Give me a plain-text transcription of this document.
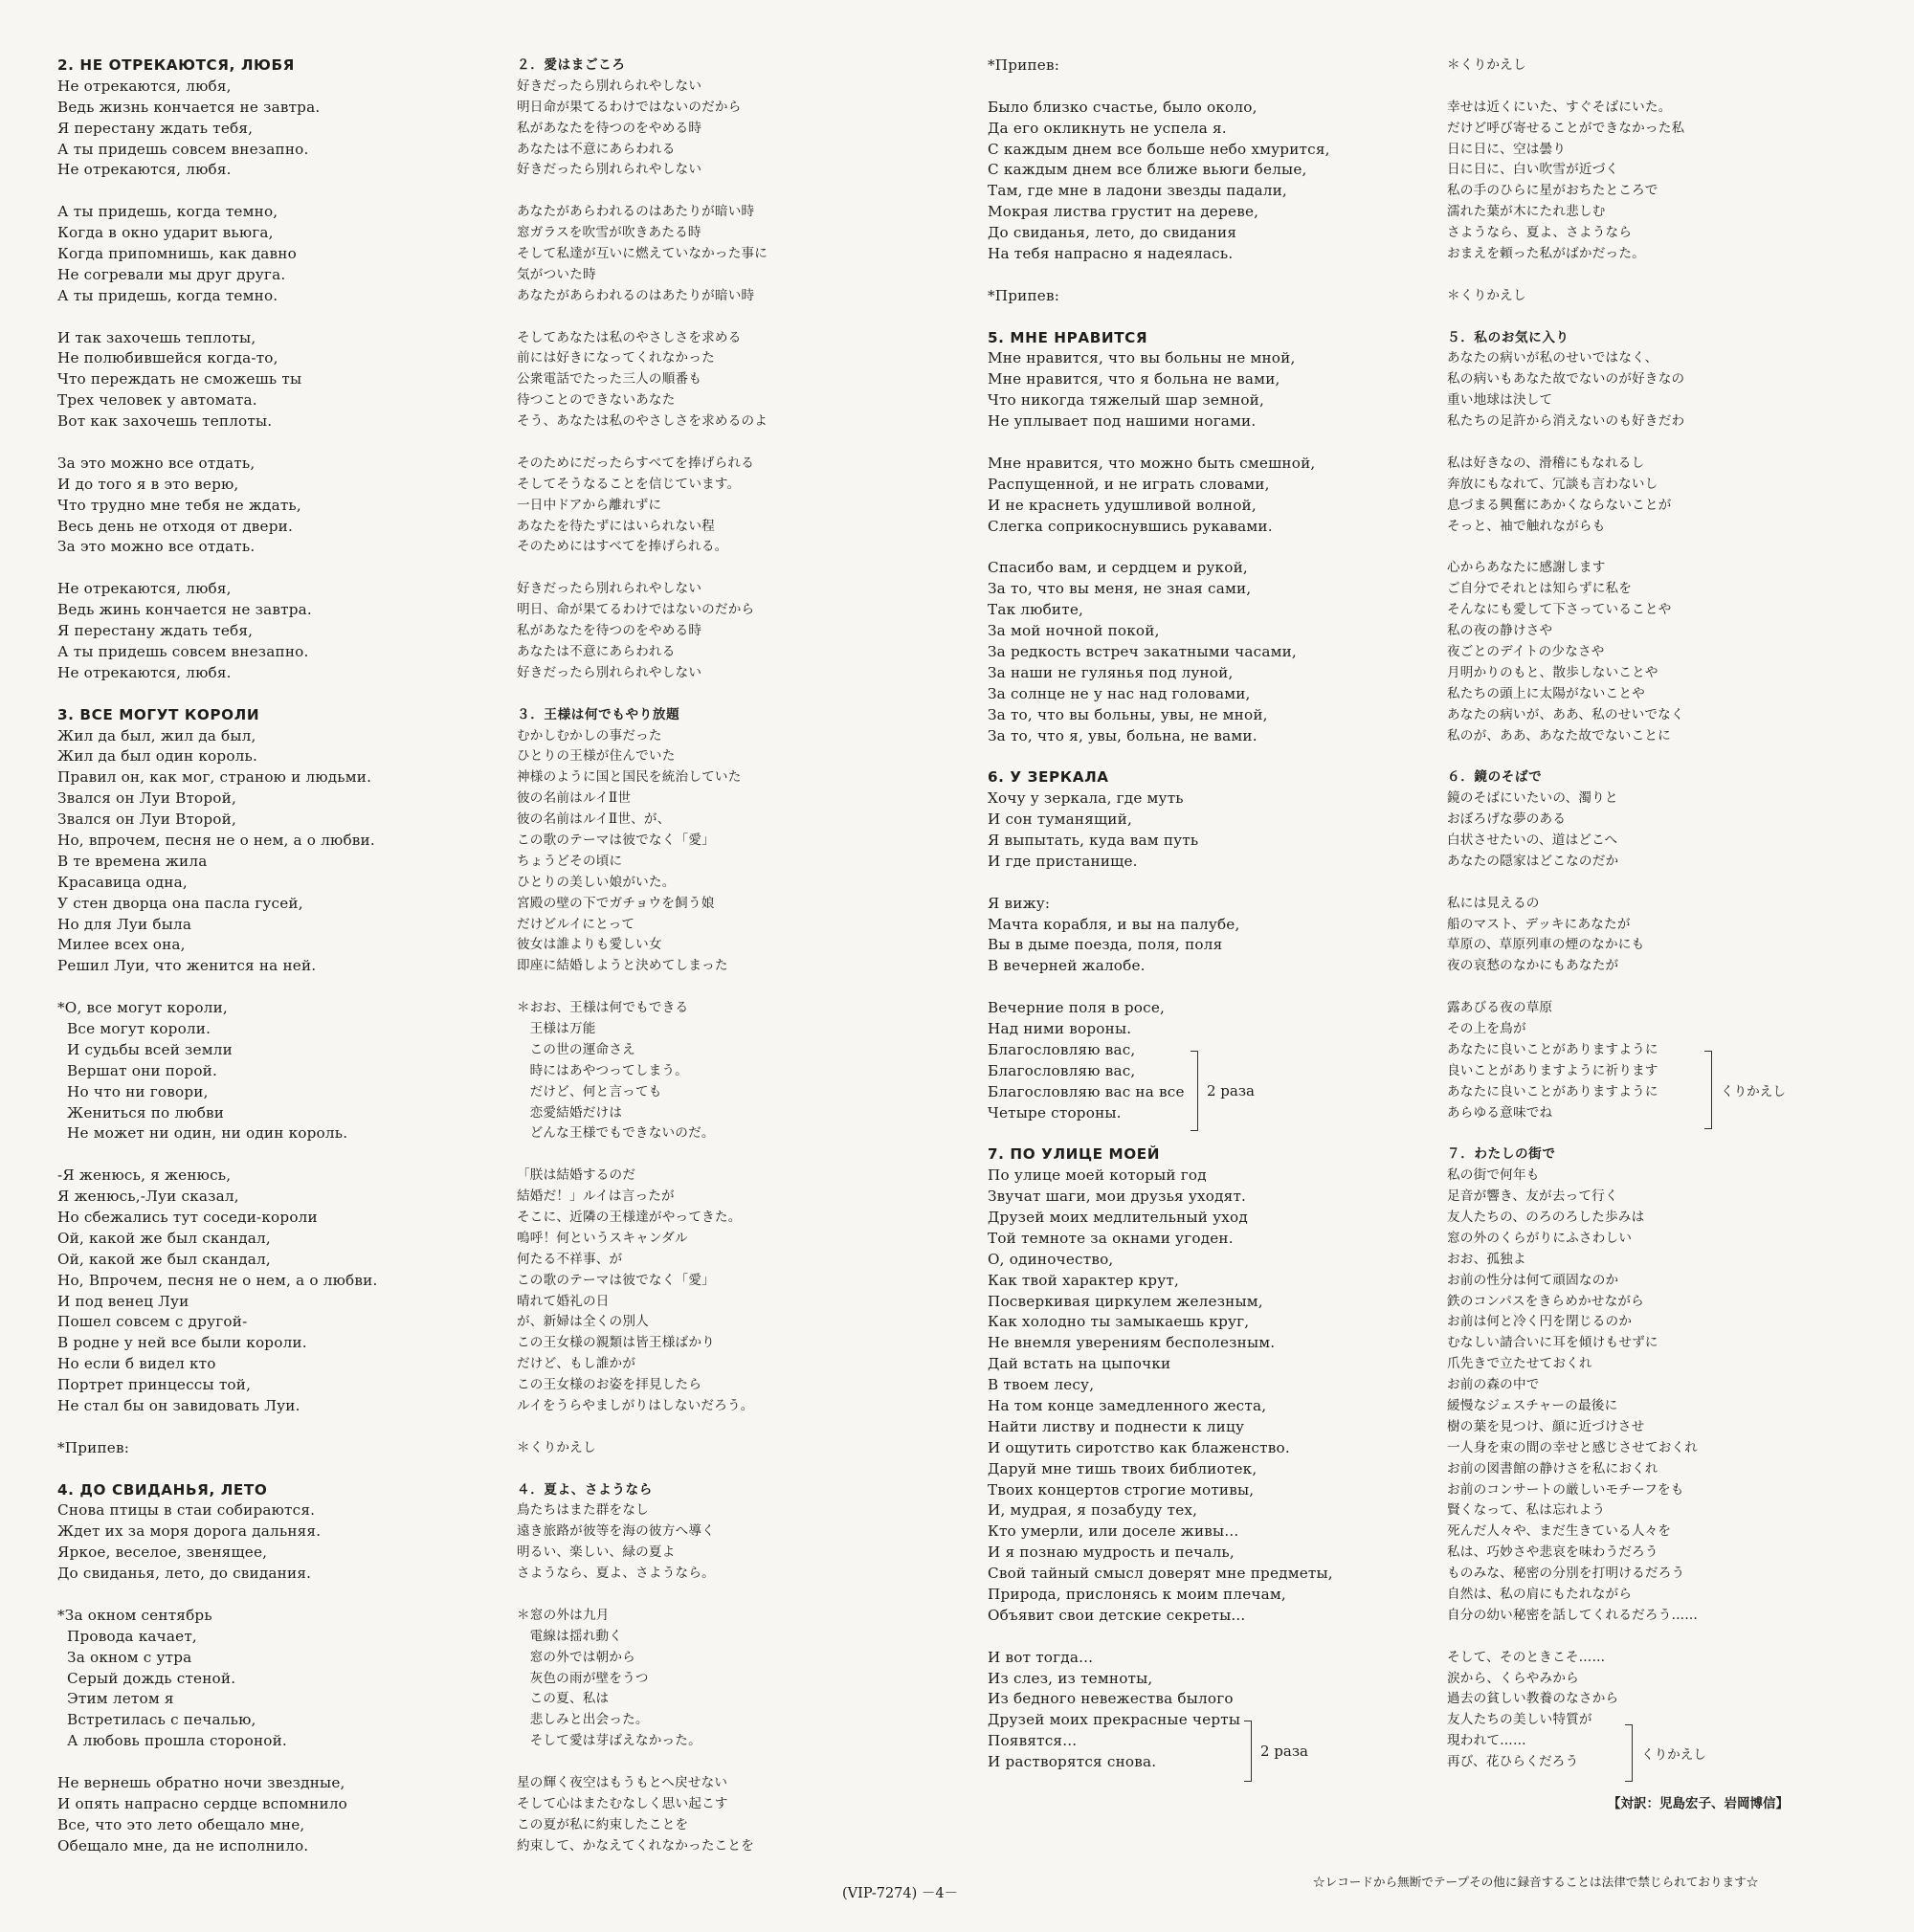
2. НЕ ОТРЕКАЮТСЯ, ЛЮБЯ
Не отрекаются, любя,
Ведь жизнь кончается не завтра.
Я перестану ждать тебя,
А ты придешь совсем внезапно.
Не отрекаются, любя.
А ты придешь, когда темно,
Когда в окно ударит вьюга,
Когда припомнишь, как давно
Не согревали мы друг друга.
А ты придешь, когда темно.
И так захочешь теплоты,
Не полюбившейся когда-то,
Что переждать не сможешь ты
Трех человек у автомата.
Вот как захочешь теплоты.
За это можно все отдать,
И до того я в это верю,
Что трудно мне тебя не ждать,
Весь день не отходя от двери.
За это можно все отдать.
Не отрекаются, любя,
Ведь жинь кончается не завтра.
Я перестану ждать тебя,
А ты придешь совсем внезапно.
Не отрекаются, любя.
3. ВСЕ МОГУТ КОРОЛИ
Жил да был, жил да был,
Жил да был один король.
Правил он, как мог, страною и людьми.
Звался он Луи Второй,
Звался он Луи Второй,
Но, впрочем, песня не о нем, а о любви.
В те времена жила
Красавица одна,
У стен дворца она пасла гусей,
Но для Луи была
Милее всех она,
Решил Луи, что женится на ней.
*О, все могут короли,
Все могут короли.
И судьбы всей земли
Вершат они порой.
Но что ни говори,
Жениться по любви
Не может ни один, ни один король.
-Я женюсь, я женюсь,
Я женюсь,-Луи сказал,
Но сбежались тут соседи-короли
Ой, какой же был скандал,
Ой, какой же был скандал,
Но, Впрочем, песня не о нем, а о любви.
И под венец Луи
Пошел совсем с другой-
В родне у ней все были короли.
Но если б видел кто
Портрет принцессы той,
Не стал бы он завидовать Луи.
*Припев:
4. ДО СВИДАНЬЯ, ЛЕТО
Снова птицы в стаи собираются.
Ждет их за моря дорога дальняя.
Яркое, веселое, звенящее,
До свиданья, лето, до свидания.
*За окном сентябрь
Провода качает,
За окном с утра
Серый дождь стеной.
Этим летом я
Встретилась с печалью,
А любовь прошла стороной.
Не вернешь обратно ночи звездные,
И опять напрасно сердце вспомнило
Все, что это лето обещало мне,
Обещало мне, да не исполнило.
２．愛はまごころ
好きだったら別れられやしない
明日命が果てるわけではないのだから
私があなたを待つのをやめる時
あなたは不意にあらわれる
好きだったら別れられやしない
あなたがあらわれるのはあたりが暗い時
窓ガラスを吹雪が吹きあたる時
そして私達が互いに燃えていなかった事に
気がついた時
あなたがあらわれるのはあたりが暗い時
そしてあなたは私のやさしさを求める
前には好きになってくれなかった
公衆電話でたった三人の順番も
待つことのできないあなた
そう、あなたは私のやさしさを求めるのよ
そのためにだったらすべてを捧げられる
そしてそうなることを信じています。
一日中ドアから離れずに
あなたを待たずにはいられない程
そのためにはすべてを捧げられる。
好きだったら別れられやしない
明日、命が果てるわけではないのだから
私があなたを待つのをやめる時
あなたは不意にあらわれる
好きだったら別れられやしない
３．王様は何でもやり放題
むかしむかしの事だった
ひとりの王様が住んでいた
神様のように国と国民を統治していた
彼の名前はルイⅡ世
彼の名前はルイⅡ世、が、
この歌のテーマは彼でなく「愛」
ちょうどその頃に
ひとりの美しい娘がいた。
宮殿の壁の下でガチョウを飼う娘
だけどルイにとって
彼女は誰よりも愛しい女
即座に結婚しようと決めてしまった
＊おお、王様は何でもできる
王様は万能
この世の運命さえ
時にはあやつってしまう。
だけど、何と言っても
恋愛結婚だけは
どんな王様でもできないのだ。
「朕は結婚するのだ
結婚だ！」ルイは言ったが
そこに、近隣の王様達がやってきた。
嗚呼！何というスキャンダル
何たる不祥事、が
この歌のテーマは彼でなく「愛」
晴れて婚礼の日
が、新婦は全くの別人
この王女様の親類は皆王様ばかり
だけど、もし誰かが
この王女様のお姿を拝見したら
ルイをうらやましがりはしないだろう。
＊くりかえし
４．夏よ、さようなら
鳥たちはまた群をなし
遠き旅路が彼等を海の彼方へ導く
明るい、楽しい、緑の夏よ
さようなら、夏よ、さようなら。
＊窓の外は九月
電線は揺れ動く
窓の外では朝から
灰色の雨が壁をうつ
この夏、私は
悲しみと出会った。
そして愛は芽ばえなかった。
星の輝く夜空はもうもとへ戻せない
そして心はまたむなしく思い起こす
この夏が私に約束したことを
約束して、かなえてくれなかったことを
*Припев:
Было близко счастье, было около,
Да его окликнуть не успела я.
С каждым днем все больше небо хмурится,
С каждым днем все ближе вьюги белые,
Там, где мне в ладони звезды падали,
Мокрая листва грустит на дереве,
До свиданья, лето, до свидания
На тебя напрасно я надеялась.
*Припев:
5. МНЕ НРАВИТСЯ
Мне нравится, что вы больны не мной,
Мне нравится, что я больна не вами,
Что никогда тяжелый шар земной,
Не уплывает под нашими ногами.
Мне нравится, что можно быть смешной,
Распущенной, и не играть словами,
И не краснеть удушливой волной,
Слегка соприкоснувшись рукавами.
Спасибо вам, и сердцем и рукой,
За то, что вы меня, не зная сами,
Так любите,
За мой ночной покой,
За редкость встреч закатными часами,
За наши не гулянья под луной,
За солнце не у нас над головами,
За то, что вы больны, увы, не мной,
За то, что я, увы, больна, не вами.
6. У ЗЕРКАЛА
Хочу у зеркала, где муть
И сон туманящий,
Я выпытать, куда вам путь
И где пристанище.
Я вижу:
Мачта корабля, и вы на палубе,
Вы в дыме поезда, поля, поля
В вечерней жалобе.
Вечерние поля в росе,
Над ними вороны.
Благословляю вас,
Благословляю вас,
Благословляю вас на все
Четыре стороны.
7. ПО УЛИЦЕ МОЕЙ
По улице моей который год
Звучат шаги, мои друзья уходят.
Друзей моих медлительный уход
Той темноте за окнами угоден.
О, одиночество,
Как твой характер крут,
Посверкивая циркулем железным,
Как холодно ты замыкаешь круг,
Не внемля уверениям бесполезным.
Дай встать на цыпочки
В твоем лесу,
На том конце замедленного жеста,
Найти листву и поднести к лицу
И ощутить сиротство как блаженство.
Даруй мне тишь твоих библиотек,
Твоих концертов строгие мотивы,
И, мудрая, я позабуду тех,
Кто умерли, или доселе живы...
И я познаю мудрость и печаль,
Свой тайный смысл доверят мне предметы,
Природа, прислонясь к моим плечам,
Объявит свои детские секреты...
И вот тогда...
Из слез, из темноты,
Из бедного невежества былого
Друзей моих прекрасные черты
Появятся...
И растворятся снова.
＊くりかえし
幸せは近くにいた、すぐそばにいた。
だけど呼び寄せることができなかった私
日に日に、空は曇り
日に日に、白い吹雪が近づく
私の手のひらに星がおちたところで
濡れた葉が木にたれ悲しむ
さようなら、夏よ、さようなら
おまえを頼った私がばかだった。
＊くりかえし
５．私のお気に入り
あなたの病いが私のせいではなく、
私の病いもあなた故でないのが好きなの
重い地球は決して
私たちの足許から消えないのも好きだわ
私は好きなの、滑稽にもなれるし
奔放にもなれて、冗談も言わないし
息づまる興奮にあかくならないことが
そっと、袖で触れながらも
心からあなたに感謝します
ご自分でそれとは知らずに私を
そんなにも愛して下さっていることや
私の夜の静けさや
夜ごとのデイトの少なさや
月明かりのもと、散歩しないことや
私たちの頭上に太陽がないことや
あなたの病いが、ああ、私のせいでなく
私のが、ああ、あなた故でないことに
６．鏡のそばで
鏡のそばにいたいの、濁りと
おぼろげな夢のある
白状させたいの、道はどこへ
あなたの隠家はどこなのだか
私には見えるの
船のマスト、デッキにあなたが
草原の、草原列車の煙のなかにも
夜の哀愁のなかにもあなたが
露あびる夜の草原
その上を鳥が
あなたに良いことがありますように
良いことがありますように祈ります
あなたに良いことがありますように
あらゆる意味でね
７．わたしの街で
私の街で何年も
足音が響き、友が去って行く
友人たちの、のろのろした歩みは
窓の外のくらがりにふさわしい
おお、孤独よ
お前の性分は何て頑固なのか
鉄のコンパスをきらめかせながら
お前は何と冷く円を閉じるのか
むなしい請合いに耳を傾けもせずに
爪先きで立たせておくれ
お前の森の中で
緩慢なジェスチャーの最後に
樹の葉を見つけ、顔に近づけさせ
一人身を束の間の幸せと感じさせておくれ
お前の図書館の静けさを私におくれ
お前のコンサートの厳しいモチーフをも
賢くなって、私は忘れよう
死んだ人々や、まだ生きている人々を
私は、巧妙さや悲哀を味わうだろう
ものみな、秘密の分別を打明けるだろう
自然は、私の肩にもたれながら
自分の幼い秘密を話してくれるだろう……
そして、そのときこそ……
涙から、くらやみから
過去の貧しい教養のなさから
友人たちの美しい特質が
現われて……
再び、花ひらくだろう
2 раза
2 раза
くりかえし
くりかえし
【対訳：児島宏子、岩岡博信】
(VIP-7274) －4－
☆レコードから無断でテープその他に録音することは法律で禁じられております☆
